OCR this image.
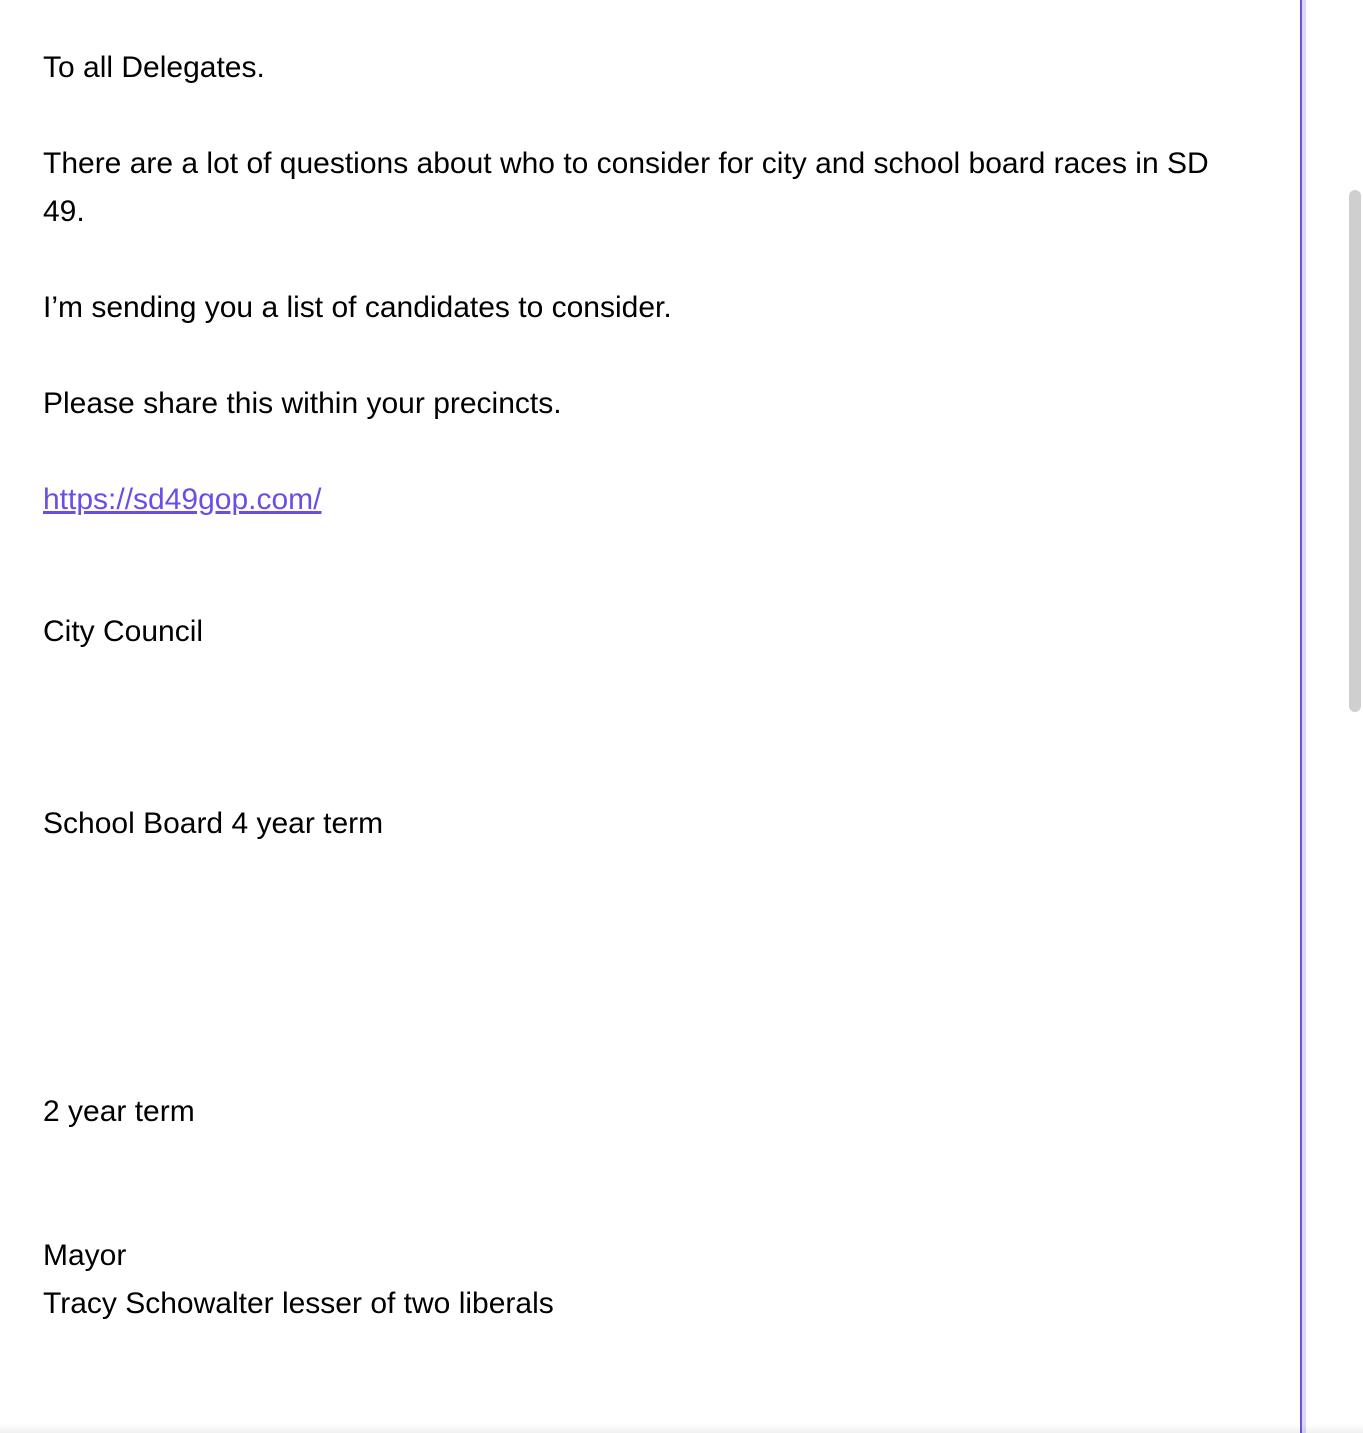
To all Delegates.

There are a lot of questions about who to consider for city and school board races in SD 49.

I’m sending you a list of candidates to consider.

Please share this within your precincts.

https://sd49gop.com/

City Council

School Board 4 year term

2 year term

Mayor

Tracy Schowalter lesser of two liberals
